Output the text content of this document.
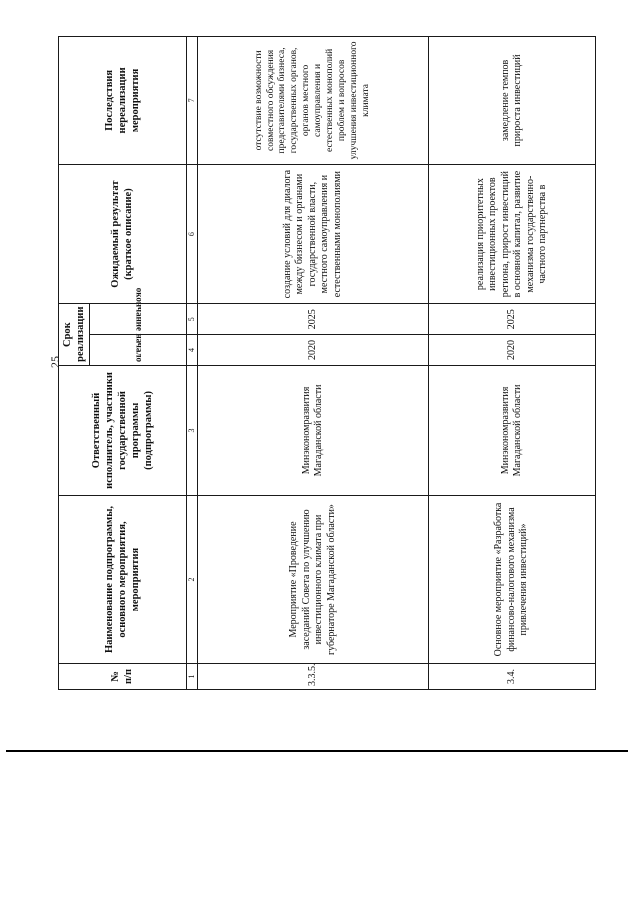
25
№ п/п	Наименование подпрограммы, основного мероприятия, мероприятия	Ответственный исполнитель, участники государственной программы (подпрограммы)	Срок реализации		Ожидаемый результат (краткое описание)	Последствия нереализации мероприятия
			начало	окончание		
1	2	3	4	5	6	7
3.3.5.	Мероприятие «Проведение заседаний Совета по улучшению инвестиционного климата при губернаторе Магаданской области»	Минэкономразвития Магаданской области	2020	2025	создание условий для диалога между бизнесом и органами государственной власти, местного самоуправления и естественными монополиями	отсутствие возможности совместного обсуждения представителями бизнеса, государственных органов, органов местного самоуправления и естественных монополий проблем и вопросов улучшения инвестиционного климата
3.4.	Основное мероприятие «Разработка финансово-налогового механизма привлечения инвестиций»	Минэкономразвития Магаданской области	2020	2025	реализация приоритетных инвестиционных проектов региона, прирост инвестиций в основной капитал, развитие механизма государственно-частного партнерства в	замедление темпов прироста инвестиций
